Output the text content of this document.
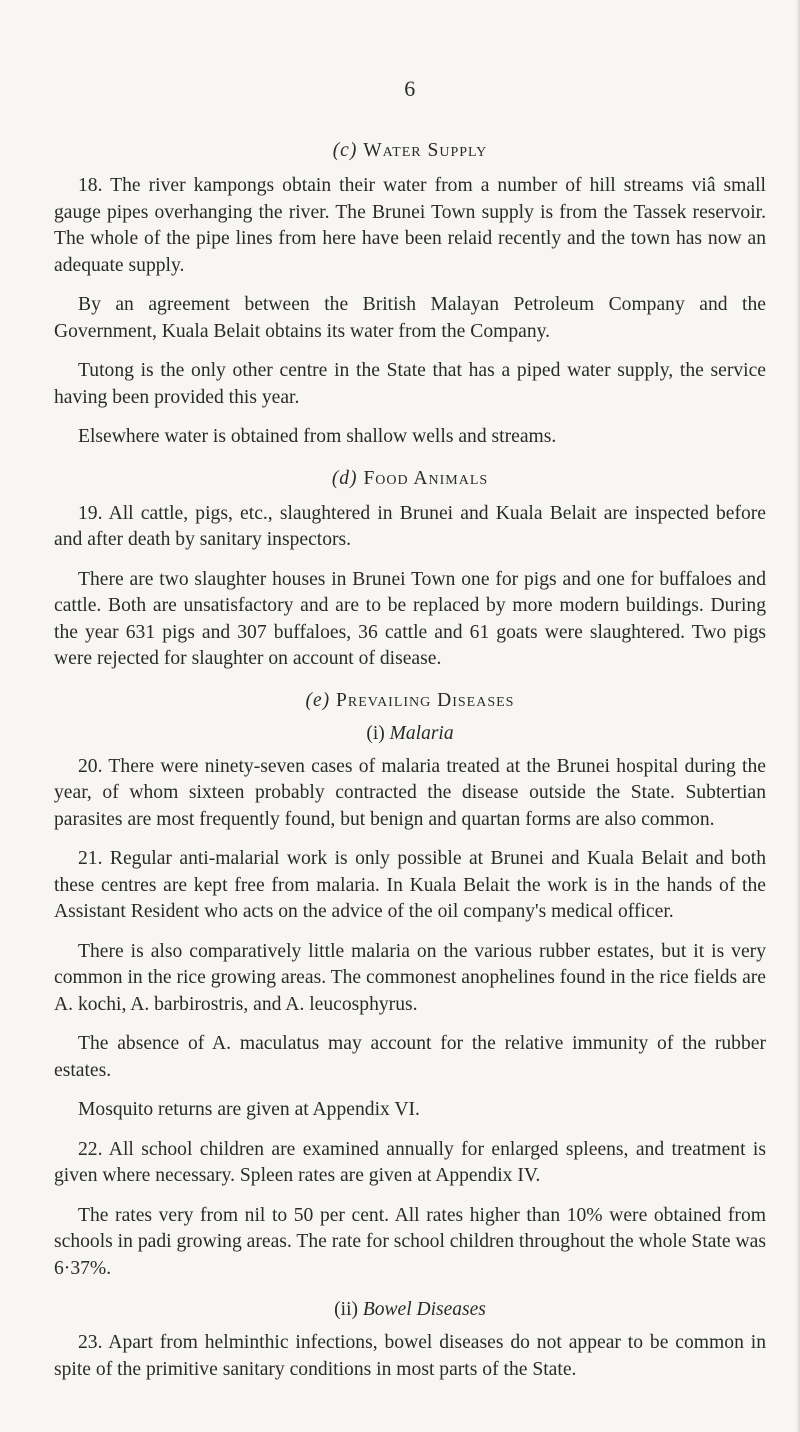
6
(c) Water Supply

18. The river kampongs obtain their water from a number of hill streams viâ small gauge pipes overhanging the river. The Brunei Town supply is from the Tassek reservoir. The whole of the pipe lines from here have been relaid recently and the town has now an adequate supply.

By an agreement between the British Malayan Petroleum Company and the Government, Kuala Belait obtains its water from the Company.

Tutong is the only other centre in the State that has a piped water supply, the service having been provided this year.

Elsewhere water is obtained from shallow wells and streams.

(d) Food Animals

19. All cattle, pigs, etc., slaughtered in Brunei and Kuala Belait are inspected before and after death by sanitary inspectors.

There are two slaughter houses in Brunei Town one for pigs and one for buffaloes and cattle. Both are unsatisfactory and are to be replaced by more modern buildings. During the year 631 pigs and 307 buffaloes, 36 cattle and 61 goats were slaughtered. Two pigs were rejected for slaughter on account of disease.

(e) Prevailing Diseases
(i) Malaria

20. There were ninety-seven cases of malaria treated at the Brunei hospital during the year, of whom sixteen probably contracted the disease outside the State. Subtertian parasites are most frequently found, but benign and quartan forms are also common.

21. Regular anti-malarial work is only possible at Brunei and Kuala Belait and both these centres are kept free from malaria. In Kuala Belait the work is in the hands of the Assistant Resident who acts on the advice of the oil company's medical officer.

There is also comparatively little malaria on the various rubber estates, but it is very common in the rice growing areas. The commonest anophelines found in the rice fields are A. kochi, A. barbirostris, and A. leucosphyrus.

The absence of A. maculatus may account for the relative immunity of the rubber estates.

Mosquito returns are given at Appendix VI.

22. All school children are examined annually for enlarged spleens, and treatment is given where necessary. Spleen rates are given at Appendix IV.

The rates very from nil to 50 per cent. All rates higher than 10% were obtained from schools in padi growing areas. The rate for school children throughout the whole State was 6·37%.

(ii) Bowel Diseases

23. Apart from helminthic infections, bowel diseases do not appear to be common in spite of the primitive sanitary conditions in most parts of the State.
